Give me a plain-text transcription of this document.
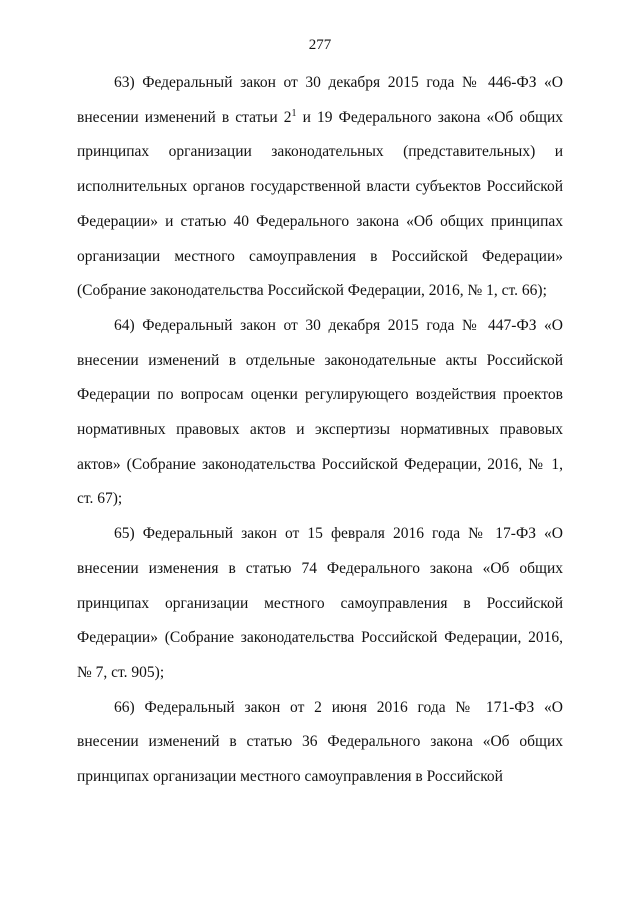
277

63) Федеральный закон от 30 декабря 2015 года № 446-ФЗ «О внесении изменений в статьи $2^1$ и 19 Федерального закона «Об общих принципах организации законодательных (представительных) и исполнительных органов государственной власти субъектов Российской Федерации» и статью 40 Федерального закона «Об общих принципах организации местного самоуправления в Российской Федерации» (Собрание законодательства Российской Федерации, 2016, № 1, ст. 66);

64) Федеральный закон от 30 декабря 2015 года № 447-ФЗ «О внесении изменений в отдельные законодательные акты Российской Федерации по вопросам оценки регулирующего воздействия проектов нормативных правовых актов и экспертизы нормативных правовых актов» (Собрание законодательства Российской Федерации, 2016, № 1, ст. 67);

65) Федеральный закон от 15 февраля 2016 года № 17-ФЗ «О внесении изменения в статью 74 Федерального закона «Об общих принципах организации местного самоуправления в Российской Федерации» (Собрание законодательства Российской Федерации, 2016, № 7, ст. 905);

66) Федеральный закон от 2 июня 2016 года № 171-ФЗ «О внесении изменений в статью 36 Федерального закона «Об общих принципах организации местного самоуправления в Российской
